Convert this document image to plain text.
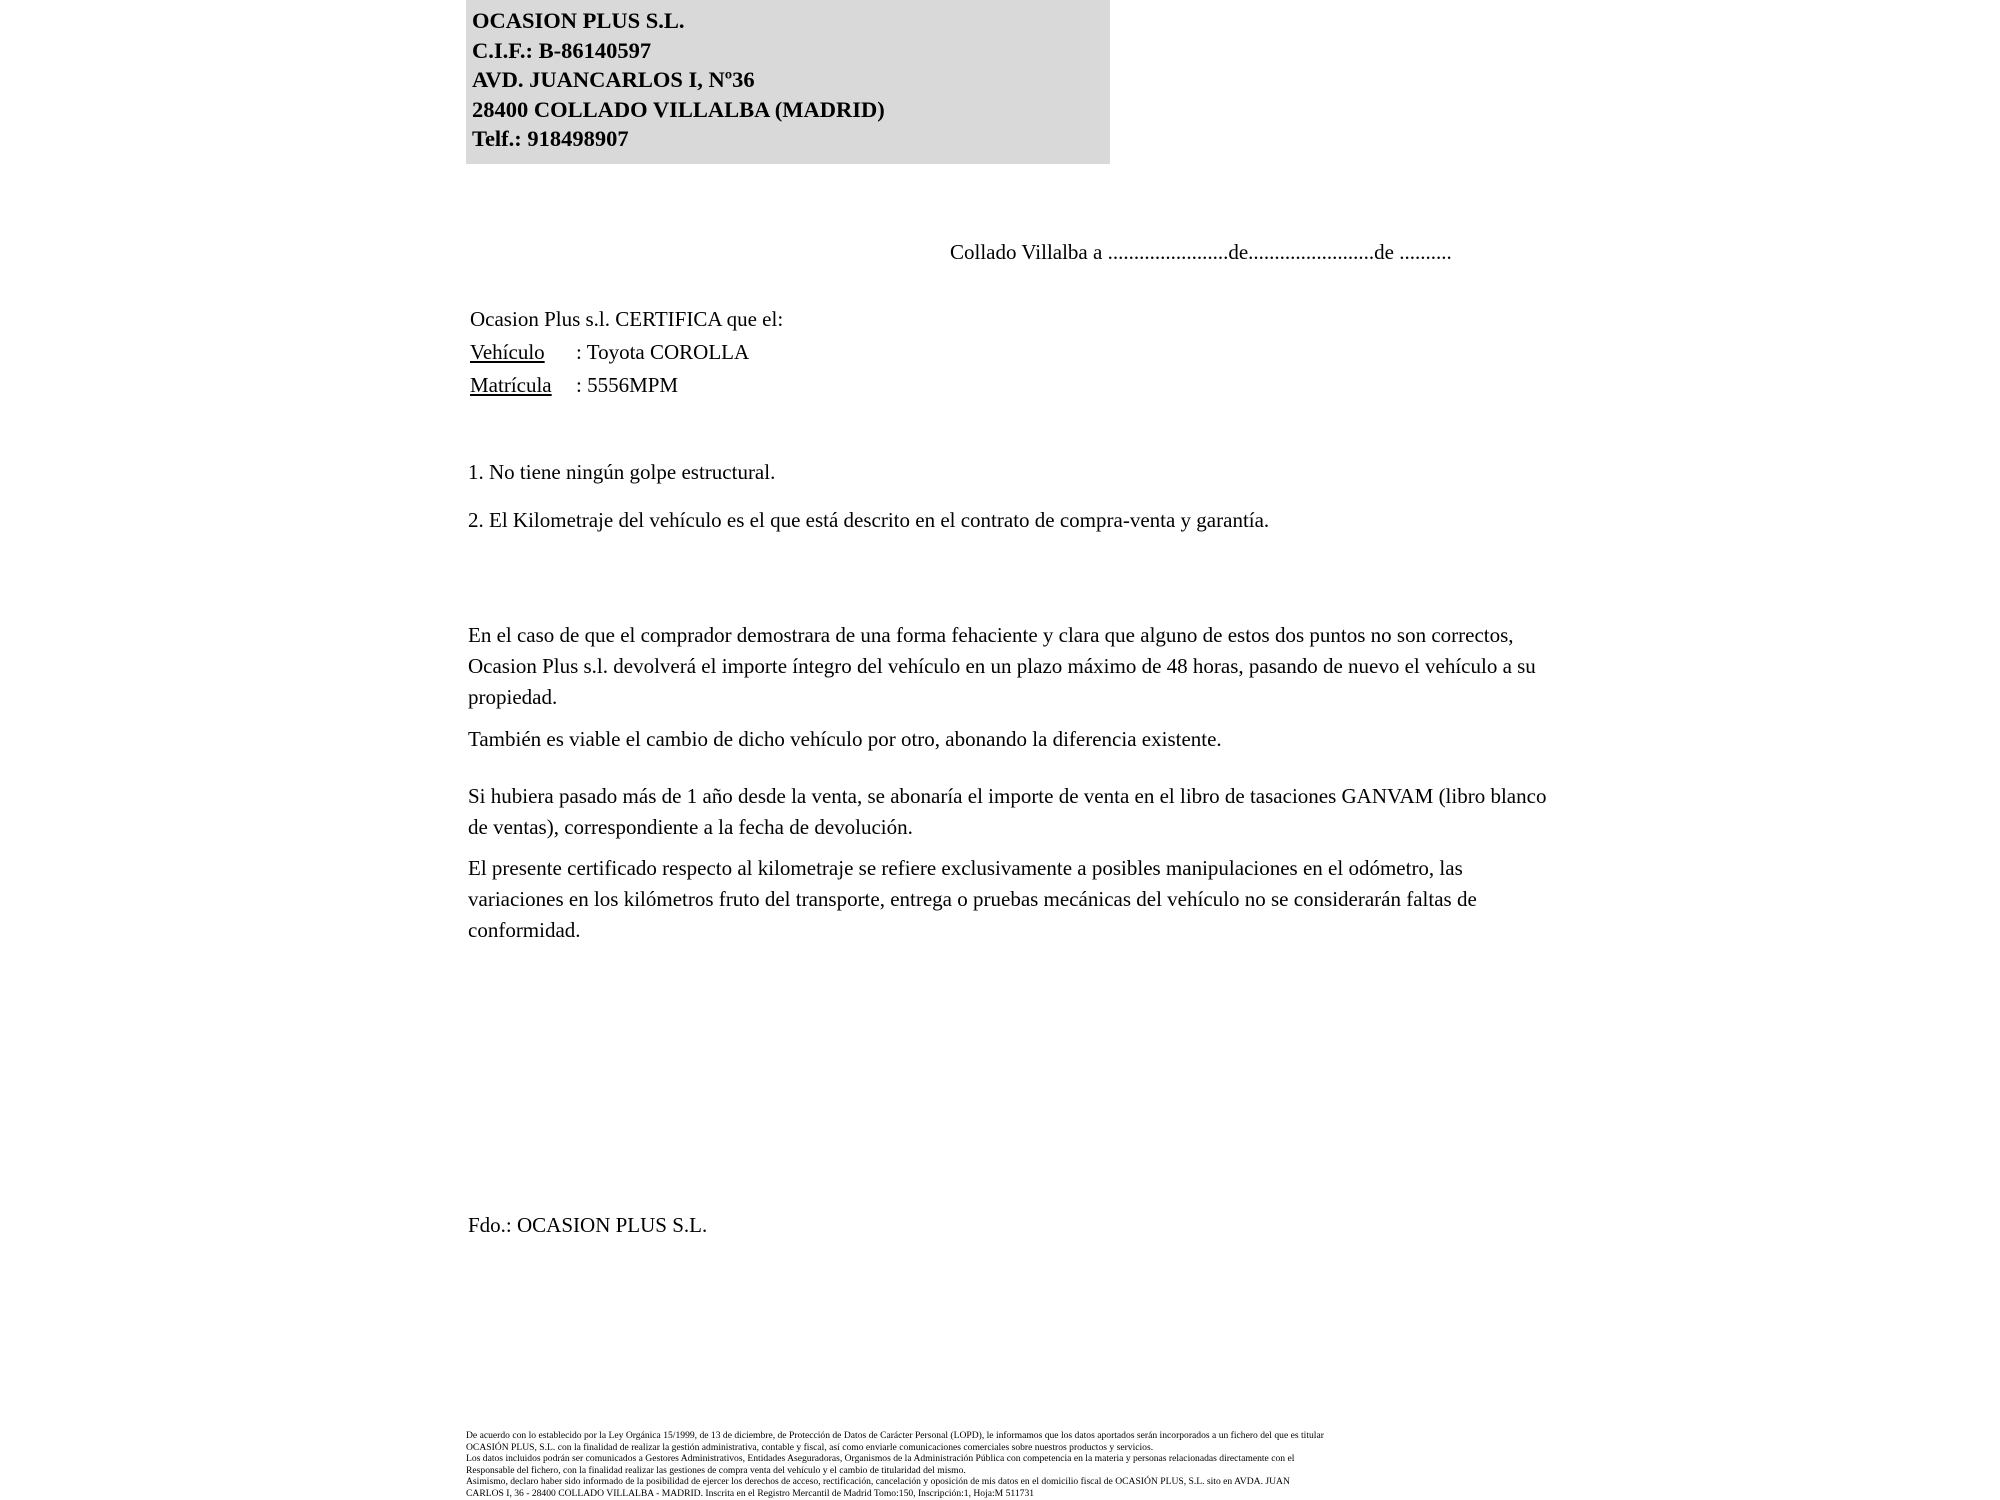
OCASION PLUS S.L.
C.I.F.: B-86140597
AVD. JUANCARLOS I, Nº36
28400 COLLADO VILLALBA (MADRID)
Telf.: 918498907
Collado Villalba a .......................de........................de ..........
Ocasion Plus s.l. CERTIFICA que el:
Vehículo : Toyota COROLLA
Matrícula : 5556MPM
1. No tiene ningún golpe estructural.
2. El Kilometraje del vehículo es el que está descrito en el contrato de compra-venta y garantía.
En el caso de que el comprador demostrara de una forma fehaciente y clara que alguno de estos dos puntos no son correctos, Ocasion Plus s.l. devolverá el importe íntegro del vehículo en un plazo máximo de 48 horas, pasando de nuevo el vehículo a su propiedad.
También es viable el cambio de dicho vehículo por otro, abonando la diferencia existente.
Si hubiera pasado más de 1 año desde la venta, se abonaría el importe de venta en el libro de tasaciones GANVAM (libro blanco de ventas), correspondiente a la fecha de devolución.
El presente certificado respecto al kilometraje se refiere exclusivamente a posibles manipulaciones en el odómetro, las variaciones en los kilómetros fruto del transporte, entrega o pruebas mecánicas del vehículo no se considerarán faltas de conformidad.
Fdo.: OCASION PLUS S.L.

De acuerdo con lo establecido por la Ley Orgánica 15/1999, de 13 de diciembre, de Protección de Datos de Carácter Personal (LOPD), le informamos que los datos aportados serán incorporados a un fichero del que es titular

OCASIÓN PLUS, S.L. con la finalidad de realizar la gestión administrativa, contable y fiscal, así como enviarle comunicaciones comerciales sobre nuestros productos y servicios.

Los datos incluidos podrán ser comunicados a Gestores Administrativos, Entidades Aseguradoras, Organismos de la Administración Pública con competencia en la materia y personas relacionadas directamente con el

Responsable del fichero, con la finalidad realizar las gestiones de compra venta del vehículo y el cambio de titularidad del mismo.

Asimismo, declaro haber sido informado de la posibilidad de ejercer los derechos de acceso, rectificación, cancelación y oposición de mis datos en el domicilio fiscal de OCASIÓN PLUS, S.L. sito en AVDA. JUAN

CARLOS I, 36 - 28400 COLLADO VILLALBA - MADRID. Inscrita en el Registro Mercantil de Madrid Tomo:150, Inscripción:1, Hoja:M 511731
